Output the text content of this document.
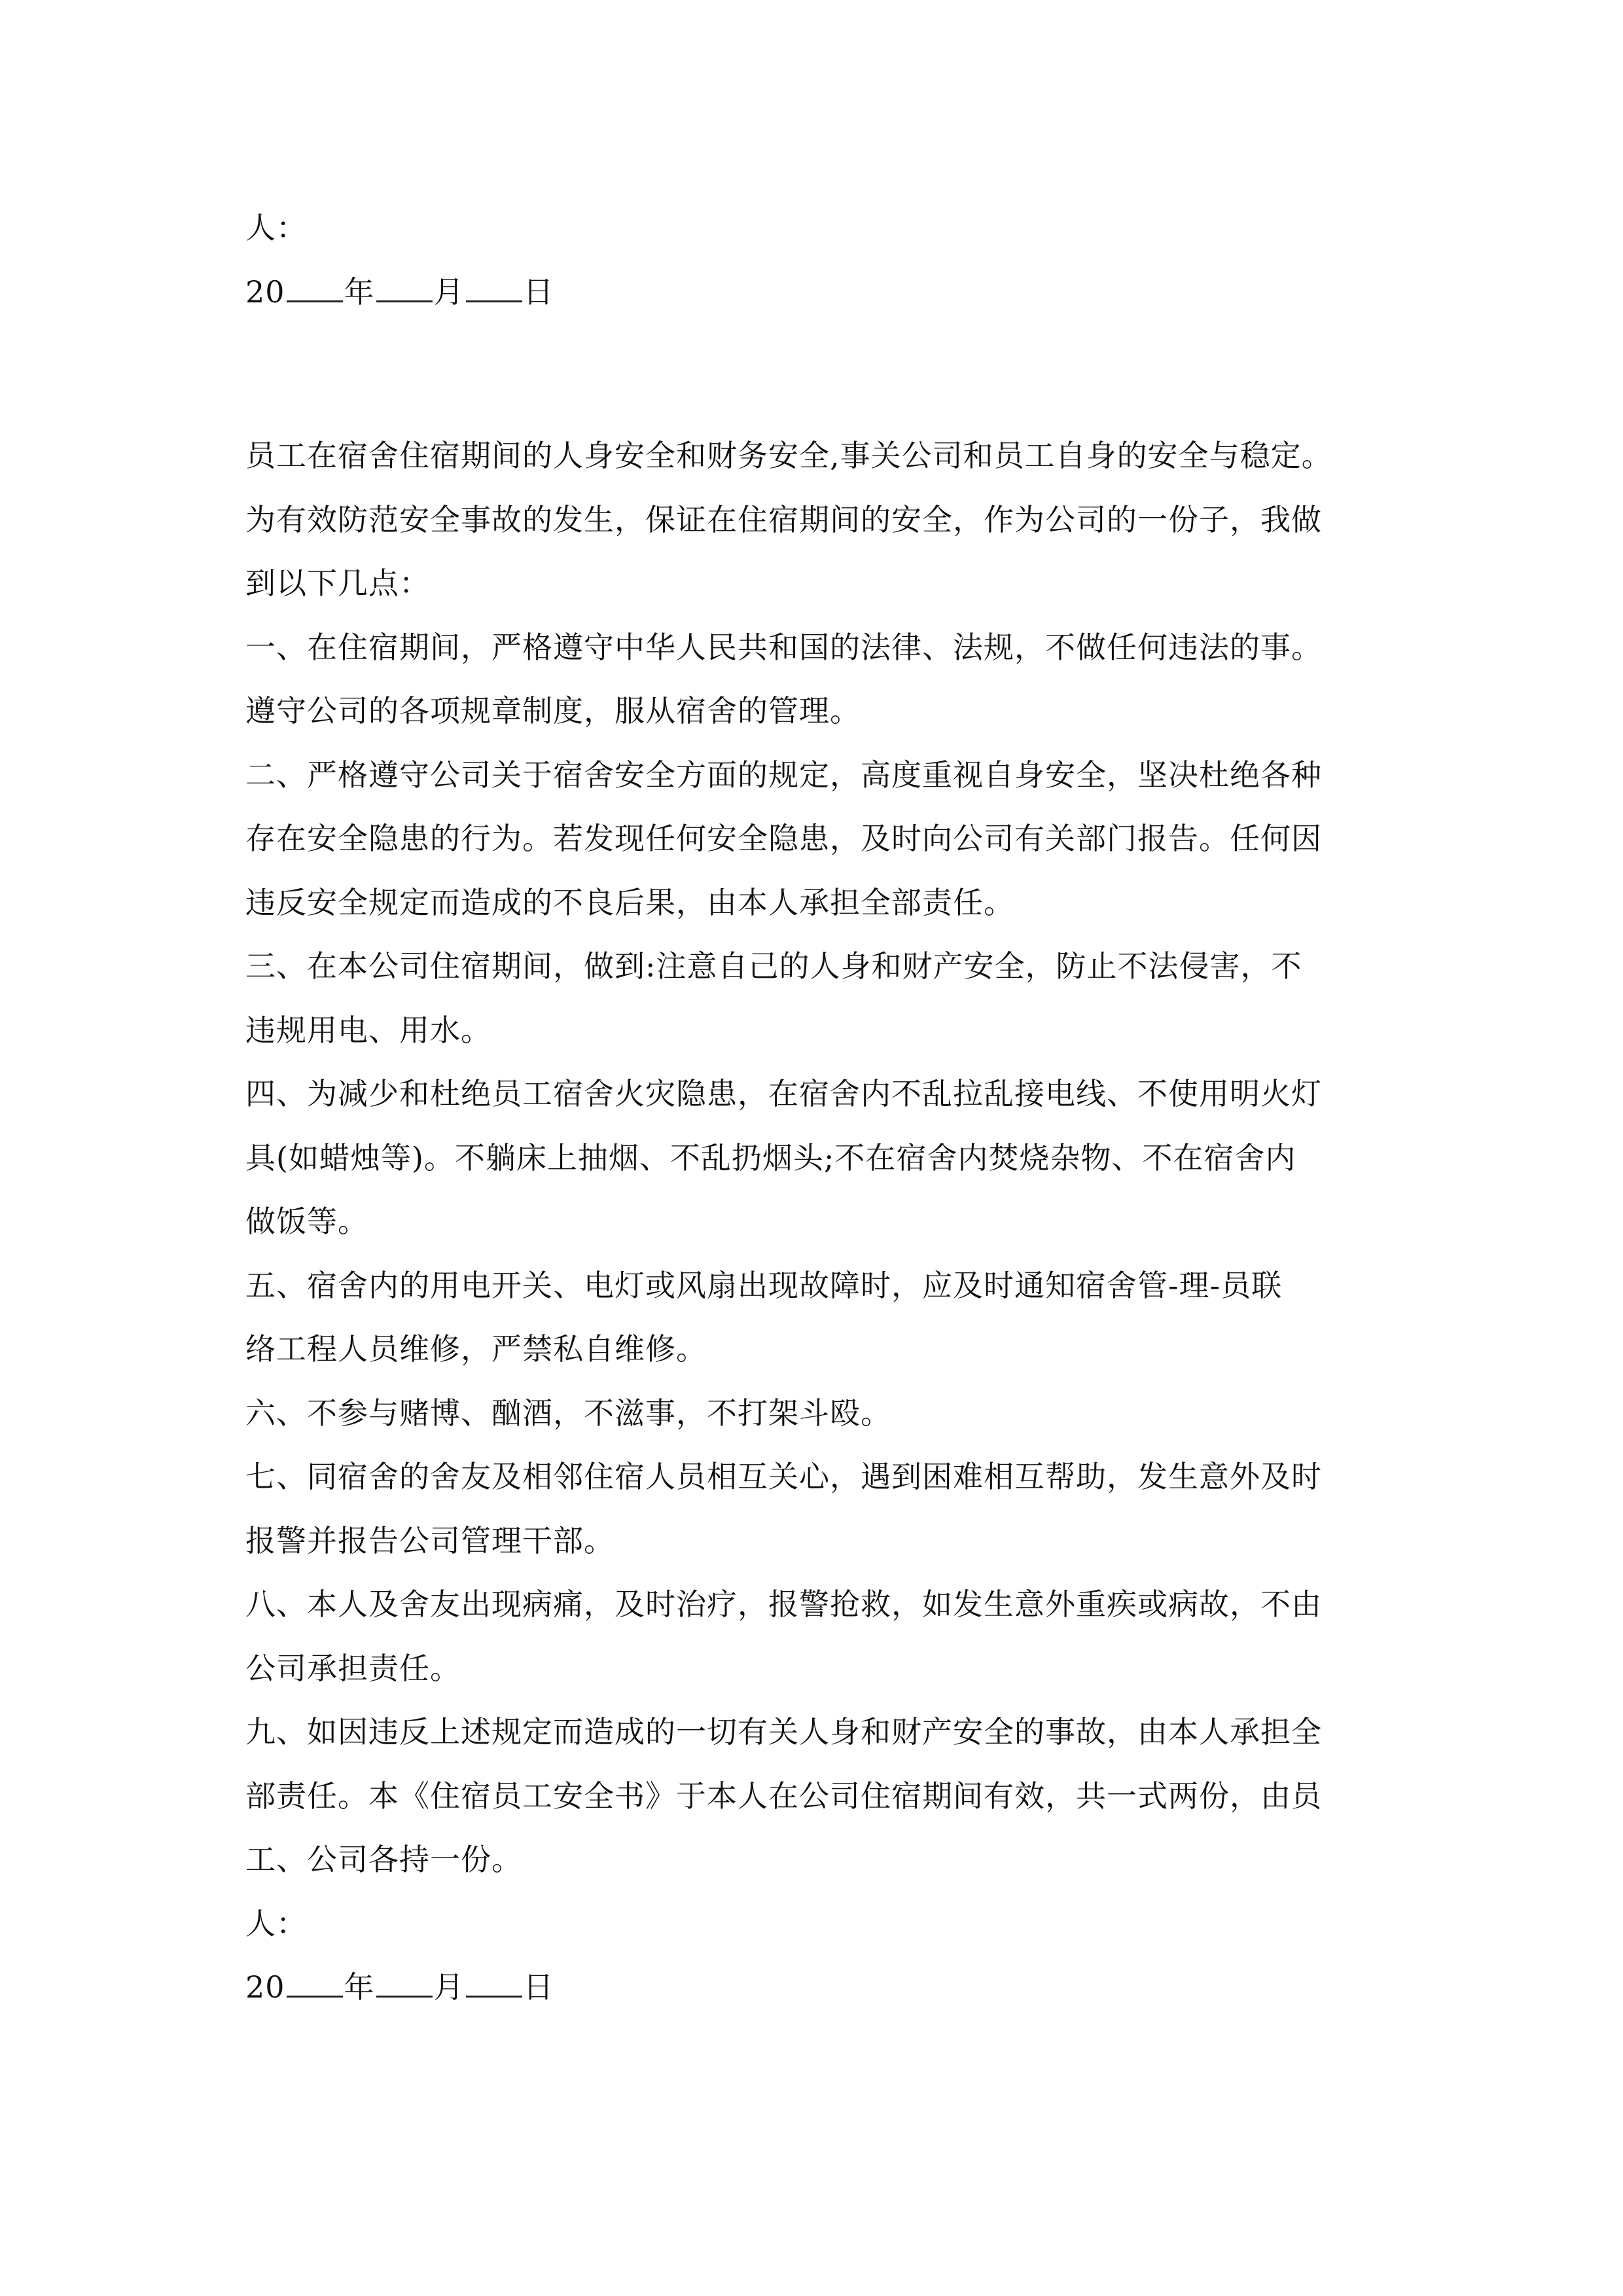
人：
20 年 月 日
员工在宿舍住宿期间的人身安全和财务安全,事关公司和员工自身的安全与稳定。
为有效防范安全事故的发生，保证在住宿期间的安全，作为公司的一份子，我做
到以下几点：
一、在住宿期间，严格遵守中华人民共和国的法律、法规，不做任何违法的事。
遵守公司的各项规章制度，服从宿舍的管理。
二、严格遵守公司关于宿舍安全方面的规定，高度重视自身安全，坚决杜绝各种
存在安全隐患的行为。若发现任何安全隐患，及时向公司有关部门报告。任何因
违反安全规定而造成的不良后果，由本人承担全部责任。
三、在本公司住宿期间，做到:注意自己的人身和财产安全，防止不法侵害，不
违规用电、用水。
四、为减少和杜绝员工宿舍火灾隐患，在宿舍内不乱拉乱接电线、不使用明火灯
具(如蜡烛等)。不躺床上抽烟、不乱扔烟头;不在宿舍内焚烧杂物、不在宿舍内
做饭等。
五、宿舍内的用电开关、电灯或风扇出现故障时，应及时通知宿舍管-理-员联
络工程人员维修，严禁私自维修。
六、不参与赌博、酗酒，不滋事，不打架斗殴。
七、同宿舍的舍友及相邻住宿人员相互关心，遇到困难相互帮助，发生意外及时
报警并报告公司管理干部。
八、本人及舍友出现病痛，及时治疗，报警抢救，如发生意外重疾或病故，不由
公司承担责任。
九、如因违反上述规定而造成的一切有关人身和财产安全的事故，由本人承担全
部责任。本《住宿员工安全书》于本人在公司住宿期间有效，共一式两份，由员
工、公司各持一份。
人：
20 年 月 日
